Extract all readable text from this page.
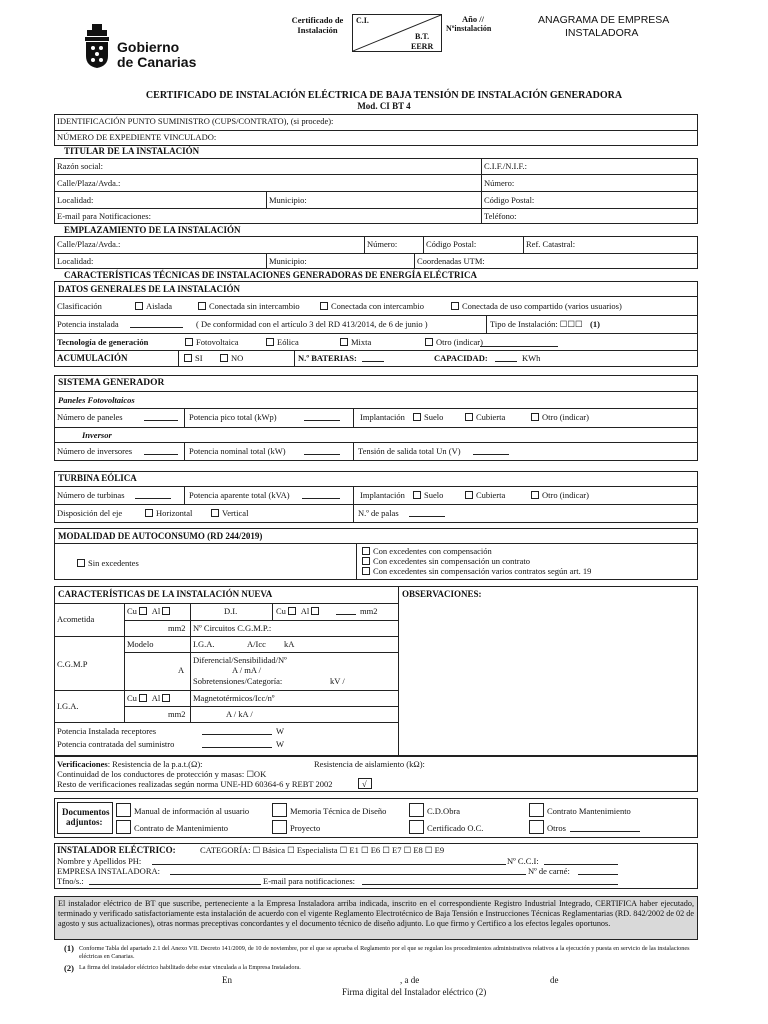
Gobierno
de Canarias
Certificado de Instalación
C.I.
B.T.
EERR
Año //
Nºinstalación
ANAGRAMA DE EMPRESA
INSTALADORA
CERTIFICADO DE INSTALACIÓN ELÉCTRICA DE BAJA TENSIÓN DE INSTALACIÓN GENERADORA
Mod. CI BT 4
IDENTIFICACIÓN PUNTO SUMINISTRO (CUPS/CONTRATO), (si procede):
NÚMERO DE EXPEDIENTE VINCULADO:
TITULAR DE LA INSTALACIÓN
Razón social:	C.I.F./N.I.F.:
Calle/Plaza/Avda.:	Número:
Localidad:	Municipio:	Código Postal:
E-mail para Notificaciones:	Teléfono:
EMPLAZAMIENTO DE LA INSTALACIÓN
Calle/Plaza/Avda.:	Número:	Código Postal:	Ref. Catastral:
Localidad:	Municipio:	Coordenadas UTM:
CARACTERÍSTICAS TÉCNICAS DE INSTALACIONES GENERADORAS DE ENERGÍA ELÉCTRICA
DATOS GENERALES DE LA INSTALACIÓN
Clasificación	Aislada	Conectada sin intercambio	Conectada con intercambio	Conectada de uso compartido (varios usuarios)
Potencia instalada	( De conformidad con el artículo 3 del RD 413/2014, de 6 de junio )	Tipo de Instalación: ☐☐☐ (1)
Tecnología de generación	Fotovoltaica	Eólica	Mixta	Otro (indicar)
ACUMULACIÓN	SI	NO	N.º BATERIAS:	CAPACIDAD:	KWh
SISTEMA GENERADOR
Paneles Fotovoltaicos
Número de paneles	Potencia pico total (kWp)	Implantación	Suelo	Cubierta	Otro (indicar)
Inversor
Número de inversores	Potencia nominal total (kW)	Tensión de salida total Un (V)
TURBINA EÓLICA
Número de turbinas	Potencia aparente total (kVA)	Implantación	Suelo	Cubierta	Otro (indicar)
Disposición del eje	Horizontal	Vertical	N.º de palas
MODALIDAD DE AUTOCONSUMO (RD 244/2019)
Sin excedentes
Con excedentes con compensación
Con excedentes sin compensación un contrato
Con excedentes sin compensación varios contratos según art. 19
CARACTERÍSTICAS DE LA INSTALACIÓN NUEVA	OBSERVACIONES:
Acometida
Cu Al	D.I.	Cu Al	mm2
mm2 Nº Circuitos C.G.M.P.:
C.G.M.P
Modelo	I.G.A.	A/Icc kA
A
Diferencial/Sensibilidad/Nº
A / mA /
Sobretensiones/Categoría:	kV /
I.G.A.
Cu Al	Magnetotérmicos/Icc/nº
mm2	A / kA /
Potencia Instalada receptores	W
Potencia contratada del suministro	W
Verificaciones: Resistencia de la p.a.t.(Ω):	Resistencia de aislamiento (kΩ):
Continuidad de los conductores de protección y masas: ☐OK
Resto de verificaciones realizadas según norma UNE-HD 60364-6 y REBT 2002	√
Documentos
adjuntos:
Manual de información al usuario	Memoria Técnica de Diseño	C.D.Obra	Contrato Mantenimiento
Contrato de Mantenimiento	Proyecto	Certificado O.C.	Otros
INSTALADOR ELÉCTRICO:	CATEGORÍA: ☐ Básica ☐ Especialista ☐ E1 ☐ E6 ☐ E7 ☐ E8 ☐ E9
Nombre y Apellidos PH:	Nº C.C.I:
EMPRESA INSTALADORA:	Nº de carné:
Tfno/s.:	E-mail para notificaciones:
El instalador eléctrico de BT que suscribe, perteneciente a la Empresa Instaladora arriba indicada, inscrito en el correspondiente Registro Industrial Integrado, CERTIFICA haber ejecutado, terminado y verificado satisfactoriamente esta instalación de acuerdo con el vigente Reglamento Electrotécnico de Baja Tensión e Instrucciones Técnicas Reglamentarias (RD. 842/2002 de 02 de agosto y sus actualizaciones), otras normas preceptivas concordantes y el documento técnico de diseño adjunto. Lo que firmo y Certifico a los efectos legales oportunos.
(1) Conforme Tabla del apartado 2.1 del Anexo VII. Decreto 141/2009, de 10 de noviembre, por el que se aprueba el Reglamento por el que se regulan los procedimientos administrativos relativos a la ejecución y puesta en servicio de las instalaciones eléctricas en Canarias.
(2) La firma del instalador eléctrico habilitado debe estar vinculada a la Empresa Instaladora.
En	, a de	de
Firma digital del Instalador eléctrico (2)
